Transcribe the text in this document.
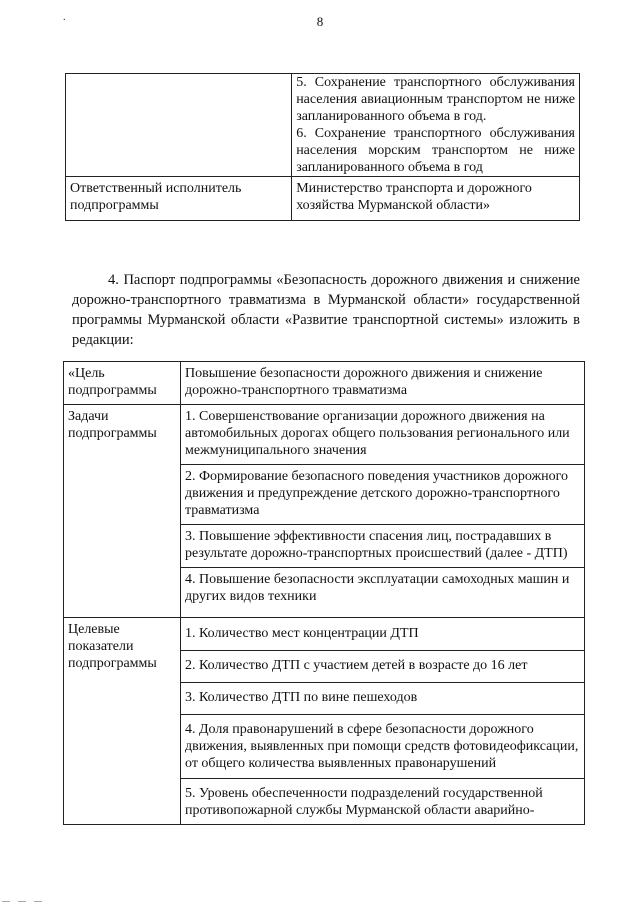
.	8

	5. Сохранение транспортного обслуживания населения авиационным транспортом не ниже запланированного объема в год.

6. Сохранение транспортного обслуживания населения морским транспортом не ниже запланированного объема в год

Ответственный исполнитель подпрограммы	Министерство транспорта и дорожного хозяйства Мурманской области»

4. Паспорт подпрограммы «Безопасность дорожного движения и снижение дорожно-транспортного травматизма в Мурманской области» государственной программы Мурманской области «Развитие транспортной системы» изложить в редакции:

«Цель подпрограммы	Повышение безопасности дорожного движения и снижение дорожно-транспортного травматизма
Задачи подпрограммы	1. Совершенствование организации дорожного движения на автомобильных дорогах общего пользования регионального или межмуниципального значения
	2. Формирование безопасного поведения участников дорожного движения и предупреждение детского дорожно-транспортного травматизма
	3. Повышение эффективности спасения лиц, пострадавших в результате дорожно-транспортных происшествий (далее - ДТП)
	4. Повышение безопасности эксплуатации самоходных машин и других видов техники
Целевые показатели подпрограммы	1. Количество мест концентрации ДТП
	2. Количество ДТП с участием детей в возрасте до 16 лет
	3. Количество ДТП по вине пешеходов
	4. Доля правонарушений в сфере безопасности дорожного движения, выявленных при помощи средств фотовидеофиксации, от общего количества выявленных правонарушений
	5. Уровень обеспеченности подразделений государственной противопожарной службы Мурманской области аварийно-
— — —
